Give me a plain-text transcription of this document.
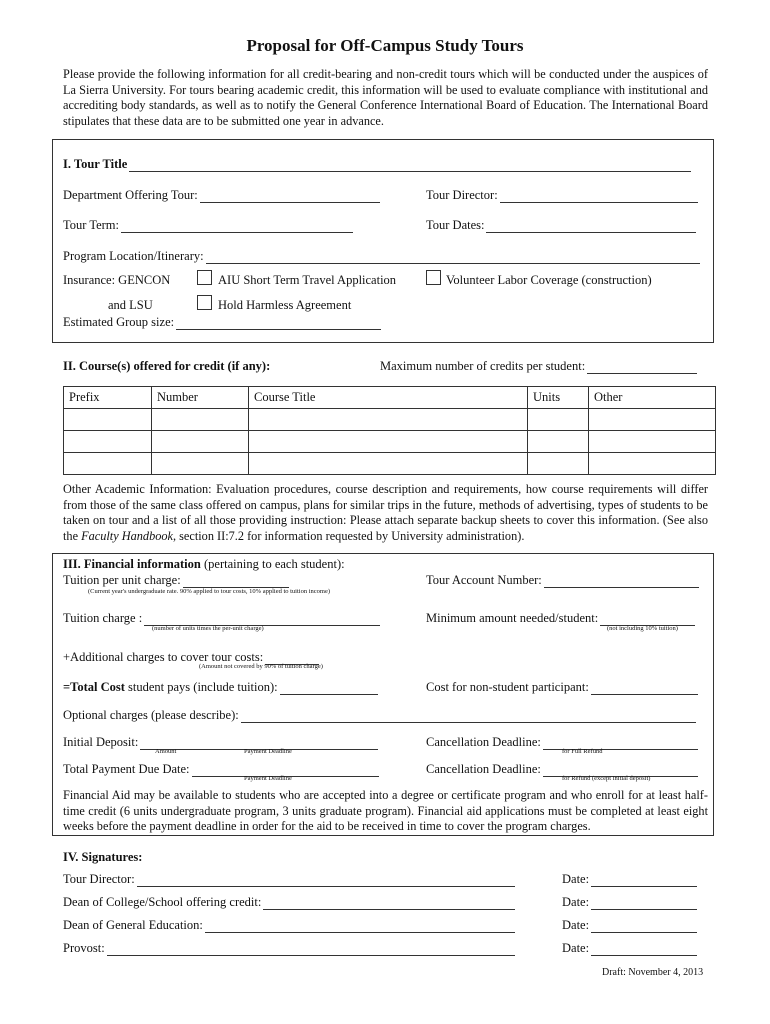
Proposal for Off-Campus Study Tours
Please provide the following information for all credit-bearing and non-credit tours which will be conducted under the auspices of La Sierra University. For tours bearing academic credit, this information will be used to evaluate compliance with institutional and accrediting body standards, as well as to notify the General Conference International Board of Education. The International Board stipulates that these data are to be submitted one year in advance.
I. Tour Title
Department Offering Tour:	Tour Director:
Tour Term:	Tour Dates:
Program Location/Itinerary:
Insurance: GENCON	AIU Short Term Travel Application	Volunteer Labor Coverage (construction)
and LSU	Hold Harmless Agreement
Estimated Group size:
II. Course(s) offered for credit (if any):	Maximum number of credits per student:
Prefix	Number	Course Title	Units	Other

Other Academic Information: Evaluation procedures, course description and requirements, how course requirements will differ from those of the same class offered on campus, plans for similar trips in the future, methods of advertising, types of students to be taken on tour and a list of all those providing instruction: Please attach separate backup sheets to cover this information. (See also the Faculty Handbook, section II:7.2 for information requested by University administration).
III. Financial information (pertaining to each student):
Tuition per unit charge:
(Current year's undergraduate rate. 90% applied to tour costs, 10% applied to tuition income)
Tour Account Number:
Tuition charge :
(number of units times the per-unit charge)
Minimum amount needed/student:
(not including 10% tuition)
+Additional charges to cover tour costs:
(Amount not covered by 90% of tuition charge)
=Total Cost student pays (include tuition):	Cost for non-student participant:
Optional charges (please describe):
Initial Deposit:
Amount	Payment Deadline
Cancellation Deadline:
for Full Refund
Total Payment Due Date:
Payment Deadline
Cancellation Deadline:
for Refund (except initial deposit)
Financial Aid may be available to students who are accepted into a degree or certificate program and who enroll for at least half-time credit (6 units undergraduate program, 3 units graduate program). Financial aid applications must be completed at least eight weeks before the payment deadline in order for the aid to be received in time to cover the program charges.
IV. Signatures:
Tour Director:	Date:
Dean of College/School offering credit:	Date:
Dean of General Education:	Date:
Provost:	Date:
Draft: November 4, 2013
